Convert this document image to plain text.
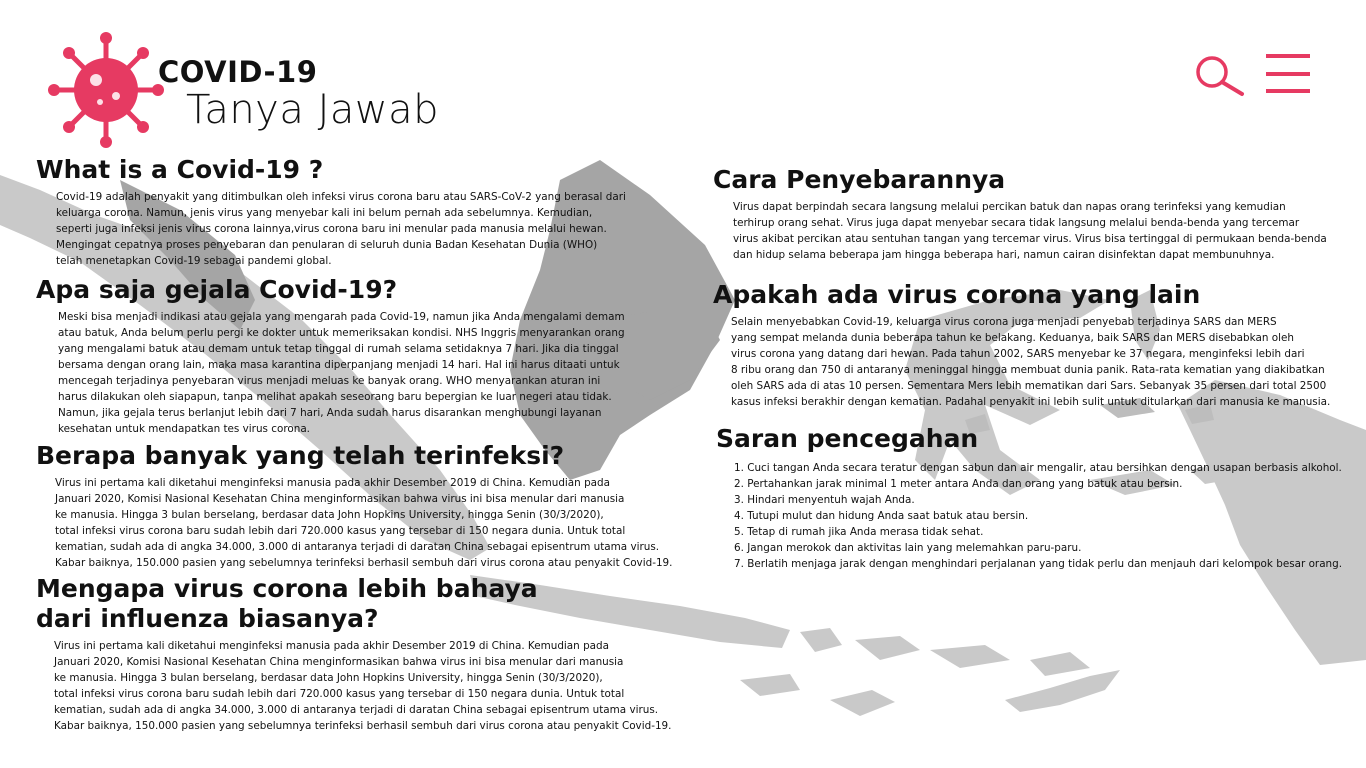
COVID-19
Tanya Jawab
What is a Covid-19 ?

Covid-19 adalah penyakit yang ditimbulkan oleh infeksi virus corona baru atau SARS-CoV-2 yang berasal dari
keluarga corona. Namun, jenis virus yang menyebar kali ini belum pernah ada sebelumnya. Kemudian,
seperti juga infeksi jenis virus corona lainnya,virus corona baru ini menular pada manusia melalui hewan.
Mengingat cepatnya proses penyebaran dan penularan di seluruh dunia Badan Kesehatan Dunia (WHO)
telah menetapkan Covid-19 sebagai pandemi global.

Apa saja gejala Covid-19?

Meski bisa menjadi indikasi atau gejala yang mengarah pada Covid-19, namun jika Anda mengalami demam
atau batuk, Anda belum perlu pergi ke dokter untuk memeriksakan kondisi. NHS Inggris menyarankan orang
yang mengalami batuk atau demam untuk tetap tinggal di rumah selama setidaknya 7 hari. Jika dia tinggal
bersama dengan orang lain, maka masa karantina diperpanjang menjadi 14 hari. Hal ini harus ditaati untuk
mencegah terjadinya penyebaran virus menjadi meluas ke banyak orang. WHO menyarankan aturan ini
harus dilakukan oleh siapapun, tanpa melihat apakah seseorang baru bepergian ke luar negeri atau tidak.
Namun, jika gejala terus berlanjut lebih dari 7 hari, Anda sudah harus disarankan menghubungi layanan
kesehatan untuk mendapatkan tes virus corona.

Berapa banyak yang telah terinfeksi?

Virus ini pertama kali diketahui menginfeksi manusia pada akhir Desember 2019 di China. Kemudian pada
Januari 2020, Komisi Nasional Kesehatan China menginformasikan bahwa virus ini bisa menular dari manusia
ke manusia. Hingga 3 bulan berselang, berdasar data John Hopkins University, hingga Senin (30/3/2020),
total infeksi virus corona baru sudah lebih dari 720.000 kasus yang tersebar di 150 negara dunia. Untuk total
kematian, sudah ada di angka 34.000, 3.000 di antaranya terjadi di daratan China sebagai episentrum utama virus.
Kabar baiknya, 150.000 pasien yang sebelumnya terinfeksi berhasil sembuh dari virus corona atau penyakit Covid-19.

Mengapa virus corona lebih bahaya
dari influenza biasanya?

Virus ini pertama kali diketahui menginfeksi manusia pada akhir Desember 2019 di China. Kemudian pada
Januari 2020, Komisi Nasional Kesehatan China menginformasikan bahwa virus ini bisa menular dari manusia
ke manusia. Hingga 3 bulan berselang, berdasar data John Hopkins University, hingga Senin (30/3/2020),
total infeksi virus corona baru sudah lebih dari 720.000 kasus yang tersebar di 150 negara dunia. Untuk total
kematian, sudah ada di angka 34.000, 3.000 di antaranya terjadi di daratan China sebagai episentrum utama virus.
Kabar baiknya, 150.000 pasien yang sebelumnya terinfeksi berhasil sembuh dari virus corona atau penyakit Covid-19.

Cara Penyebarannya

Virus dapat berpindah secara langsung melalui percikan batuk dan napas orang terinfeksi yang kemudian
terhirup orang sehat. Virus juga dapat menyebar secara tidak langsung melalui benda-benda yang tercemar
virus akibat percikan atau sentuhan tangan yang tercemar virus. Virus bisa tertinggal di permukaan benda-benda
dan hidup selama beberapa jam hingga beberapa hari, namun cairan disinfektan dapat membunuhnya.

Apakah ada virus corona yang lain

Selain menyebabkan Covid-19, keluarga virus corona juga menjadi penyebab terjadinya SARS dan MERS
yang sempat melanda dunia beberapa tahun ke belakang. Keduanya, baik SARS dan MERS disebabkan oleh
virus corona yang datang dari hewan. Pada tahun 2002, SARS menyebar ke 37 negara, menginfeksi lebih dari
8 ribu orang dan 750 di antaranya meninggal hingga membuat dunia panik. Rata-rata kematian yang diakibatkan
oleh SARS ada di atas 10 persen. Sementara Mers lebih mematikan dari Sars. Sebanyak 35 persen dari total 2500
kasus infeksi berakhir dengan kematian. Padahal penyakit ini lebih sulit untuk ditularkan dari manusia ke manusia.

Saran pencegahan
1. Cuci tangan Anda secara teratur dengan sabun dan air mengalir, atau bersihkan dengan usapan berbasis alkohol.
2. Pertahankan jarak minimal 1 meter antara Anda dan orang yang batuk atau bersin.
3. Hindari menyentuh wajah Anda.
4. Tutupi mulut dan hidung Anda saat batuk atau bersin.
5. Tetap di rumah jika Anda merasa tidak sehat.
6. Jangan merokok dan aktivitas lain yang melemahkan paru-paru.
7. Berlatih menjaga jarak dengan menghindari perjalanan yang tidak perlu dan menjauh dari kelompok besar orang.
